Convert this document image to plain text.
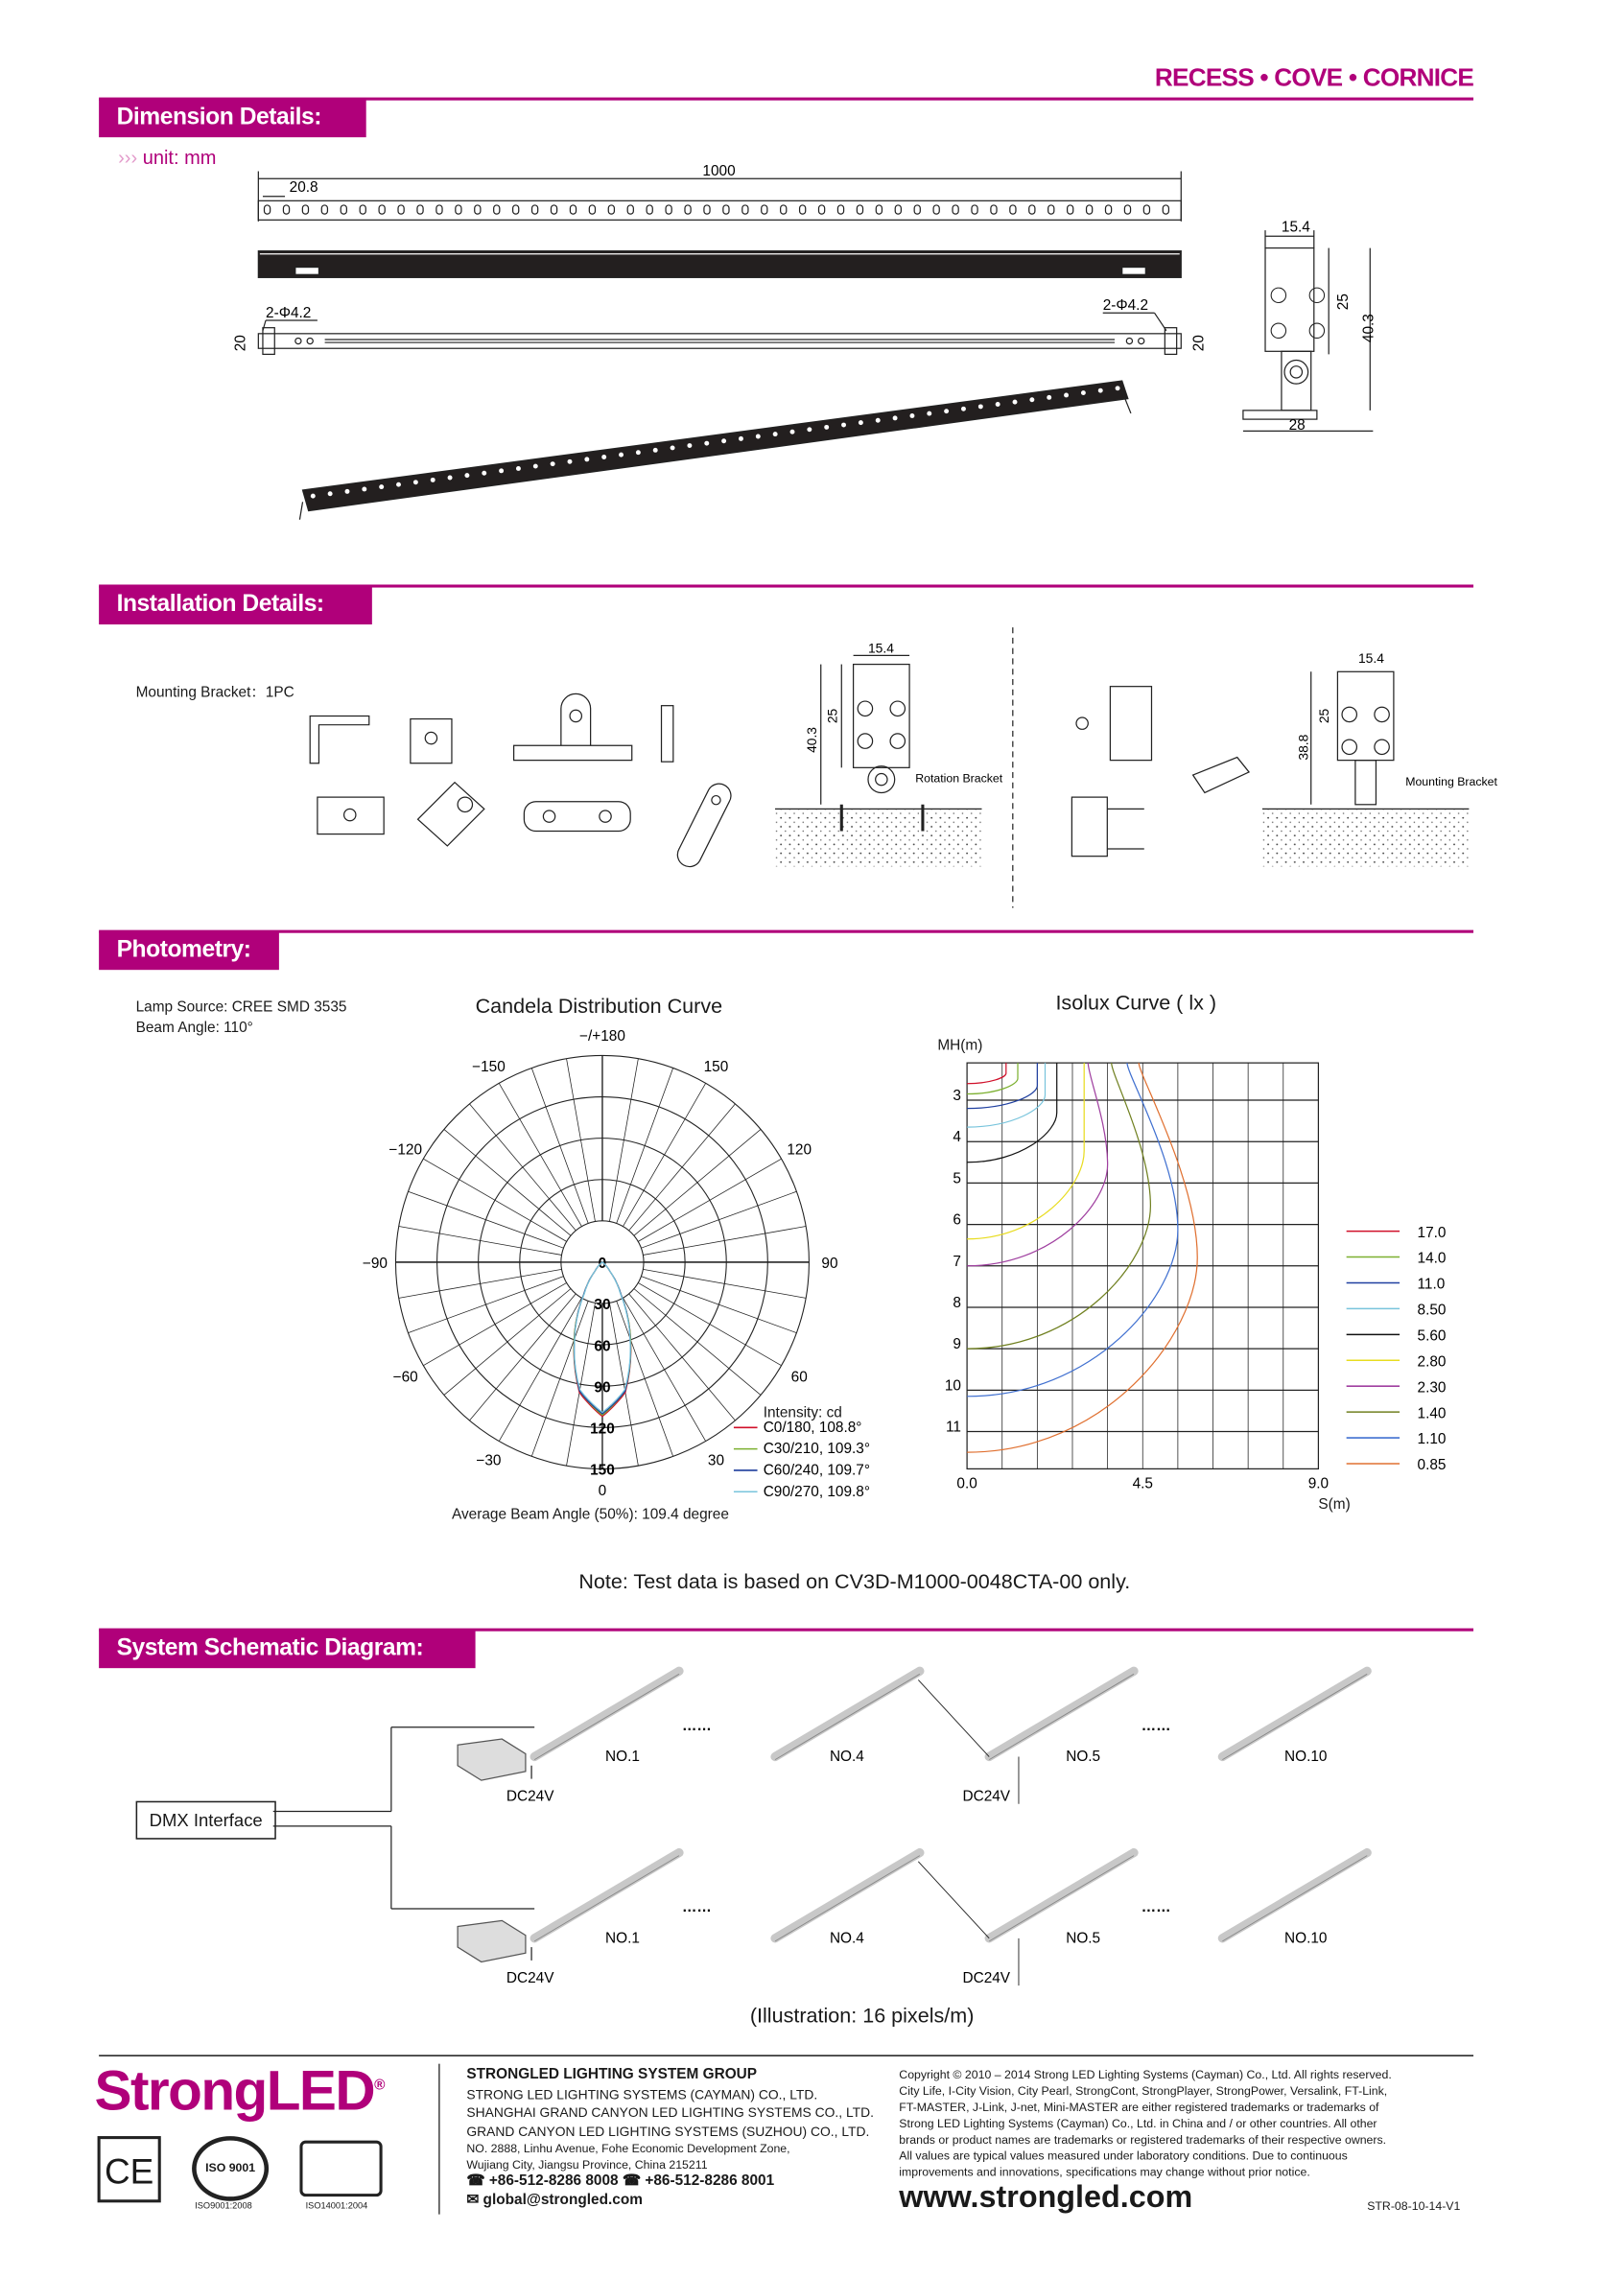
RECESS • COVE • CORNICE
Dimension Details:
››› unit: mm
1000
20.8
2-Φ4.2	2-Φ4.2
20	20
15.4
25
40.3
28
Installation Details:
Mounting Bracket：1PC
Rotation Bracket	Mounting Bracket
15.4
40.3
25
15.4
38.8
25
Photometry:
Lamp Source: CREE SMD 3535
Beam Angle: 110°
Candela Distribution Curve	Isolux Curve ( lx )
Average Beam Angle (50%): 109.4 degree
Intensity: cd
MH(m)
S(m)
Note: Test data is based on CV3D-M1000-0048CTA-00 only.
−/+180
150
120
90
60
30
−30
−60
−90
−120
−150
0
30
60
90
120
150
0
C0/180, 108.8°
C30/210, 109.3°
C60/240, 109.7°
C90/270, 109.8°
3
4
5
6
7
8
9
10
11
0.0	4.5	9.0
17.0
14.0
11.0
8.50
5.60
2.80
2.30
1.40
1.10
0.85
System Schematic Diagram:
DMX Interface
NO.1	NO.4	NO.5	NO.10
DC24V	DC24V
……	……
NO.1	NO.4	NO.5	NO.10
DC24V	DC24V
……	……
(Illustration: 16 pixels/m)
StrongLED®
CE	ISO 9001
ISO9001:2008	ISO14001:2004
STRONGLED LIGHTING SYSTEM GROUP
STRONG LED LIGHTING SYSTEMS (CAYMAN) CO., LTD.
SHANGHAI GRAND CANYON LED LIGHTING SYSTEMS CO., LTD.
GRAND CANYON LED LIGHTING SYSTEMS (SUZHOU) CO., LTD.
NO. 2888, Linhu Avenue, Fohe Economic Development Zone,
Wujiang City, Jiangsu Province, China 215211
☎ +86-512-8286 8008 ☎ +86-512-8286 8001
✉ global@strongled.com
Copyright © 2010 – 2014 Strong LED Lighting Systems (Cayman) Co., Ltd. All rights reserved.
City Life, I-City Vision, City Pearl, StrongCont, StrongPlayer, StrongPower, Versalink, FT-Link,
FT-MASTER, J-Link, J-net, Mini-MASTER are either registered trademarks or trademarks of
Strong LED Lighting Systems (Cayman) Co., Ltd. in China and / or other countries. All other
brands or product names are trademarks or registered trademarks of their respective owners.
All values are typical values measured under laboratory conditions. Due to continuous
improvements and innovations, specifications may change without prior notice.
www.strongled.com	STR-08-10-14-V1
